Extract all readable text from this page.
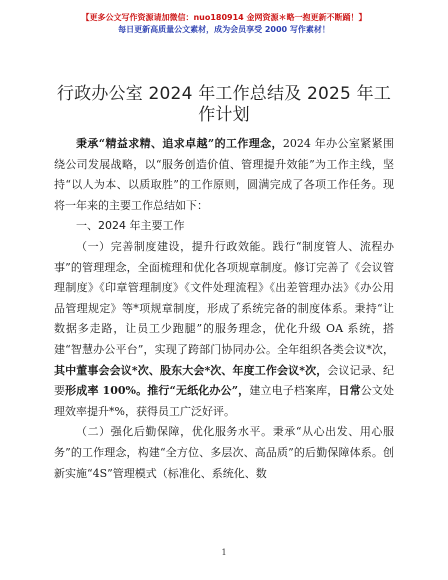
【更多公文写作资源请加微信：nuo180914 金网资源＊略一抱更新不断踊！】
每日更新高质量公文素材，成为会员享受 2000 写作素材！
行政办公室 2024 年工作总结及 2025 年工作计划

秉承“精益求精、追求卓越”的工作理念，2024 年办公室紧紧围绕公司发展战略，以“服务创造价值、管理提升效能”为工作主线，坚持“以人为本、以质取胜”的工作原则，圆满完成了各项工作任务。现将一年来的主要工作总结如下：

一、2024 年主要工作

（一）完善制度建设，提升行政效能。践行“制度管人、流程办事”的管理理念，全面梳理和优化各项规章制度。修订完善了《会议管理制度》《印章管理制度》《文件处理流程》《出差管理办法》《办公用品管理规定》等*项规章制度，形成了系统完备的制度体系。秉持“让数据多走路，让员工少跑腿”的服务理念，优化升级 OA 系统，搭建“智慧办公平台”，实现了跨部门协同办公。全年组织各类会议*次，其中董事会会议*次、股东大会*次、年度工作会议*次，会议记录、纪要形成率 100%。推行“无纸化办公”，建立电子档案库，日常公文处理效率提升*%，获得员工广泛好评。

（二）强化后勤保障，优化服务水平。秉承“从心出发、用心服务”的工作理念，构建“全方位、多层次、高品质”的后勤保障体系。创新实施“4S”管理模式（标准化、系统化、数

1
